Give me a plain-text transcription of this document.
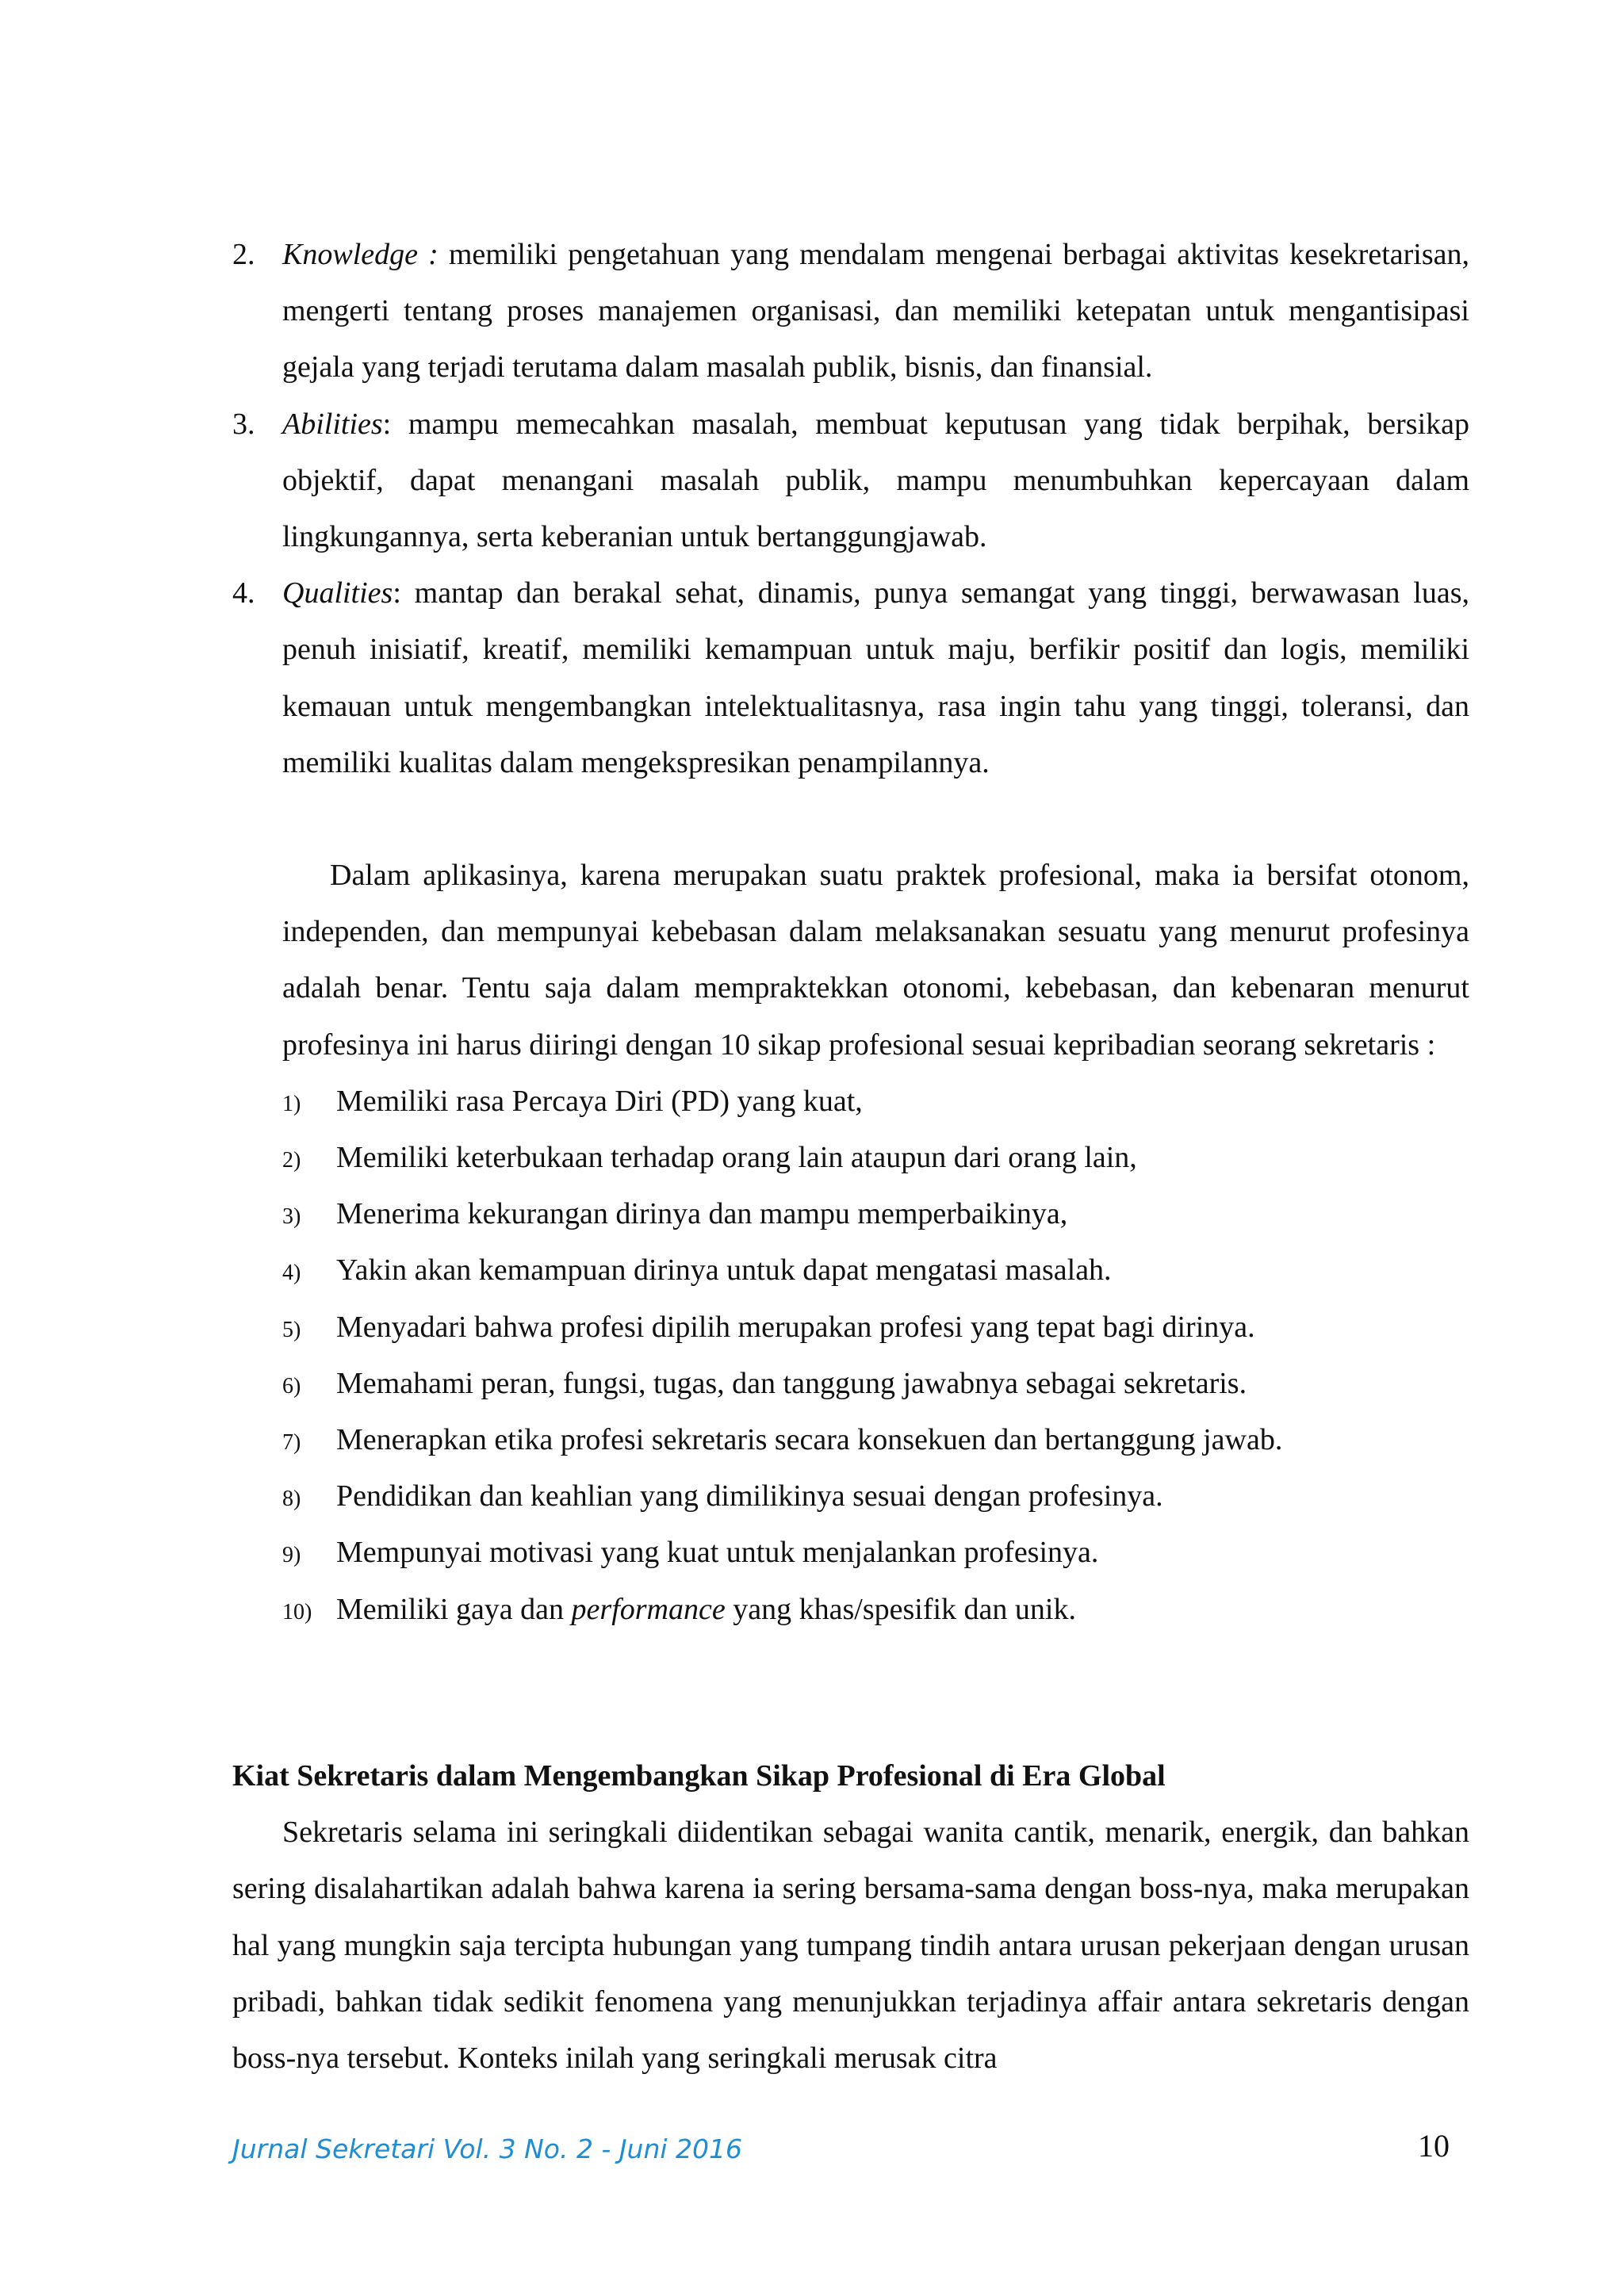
2. Knowledge : memiliki pengetahuan yang mendalam mengenai berbagai aktivitas kesekretarisan, mengerti tentang proses manajemen organisasi, dan memiliki ketepatan untuk mengantisipasi gejala yang terjadi terutama dalam masalah publik, bisnis, dan finansial.
3. Abilities: mampu memecahkan masalah, membuat keputusan yang tidak berpihak, bersikap objektif, dapat menangani masalah publik, mampu menumbuhkan kepercayaan dalam lingkungannya, serta keberanian untuk bertanggungjawab.
4. Qualities: mantap dan berakal sehat, dinamis, punya semangat yang tinggi, berwawasan luas, penuh inisiatif, kreatif, memiliki kemampuan untuk maju, berfikir positif dan logis, memiliki kemauan untuk mengembangkan intelektualitasnya, rasa ingin tahu yang tinggi, toleransi, dan memiliki kualitas dalam mengekspresikan penampilannya.

Dalam aplikasinya, karena merupakan suatu praktek profesional, maka ia bersifat otonom, independen, dan mempunyai kebebasan dalam melaksanakan sesuatu yang menurut profesinya adalah benar. Tentu saja dalam mempraktekkan otonomi, kebebasan, dan kebenaran menurut profesinya ini harus diiringi dengan 10 sikap profesional sesuai kepribadian seorang sekretaris :

1) Memiliki rasa Percaya Diri (PD) yang kuat,
2) Memiliki keterbukaan terhadap orang lain ataupun dari orang lain,
3) Menerima kekurangan dirinya dan mampu memperbaikinya,
4) Yakin akan kemampuan dirinya untuk dapat mengatasi masalah.
5) Menyadari bahwa profesi dipilih merupakan profesi yang tepat bagi dirinya.
6) Memahami peran, fungsi, tugas, dan tanggung jawabnya sebagai sekretaris.
7) Menerapkan etika profesi sekretaris secara konsekuen dan bertanggung jawab.
8) Pendidikan dan keahlian yang dimilikinya sesuai dengan profesinya.
9) Mempunyai motivasi yang kuat untuk menjalankan profesinya.
10) Memiliki gaya dan performance yang khas/spesifik dan unik.
Kiat Sekretaris dalam Mengembangkan Sikap Profesional di Era Global

Sekretaris selama ini seringkali diidentikan sebagai wanita cantik, menarik, energik, dan bahkan sering disalahartikan adalah bahwa karena ia sering bersama-sama dengan boss-nya, maka merupakan hal yang mungkin saja tercipta hubungan yang tumpang tindih antara urusan pekerjaan dengan urusan pribadi, bahkan tidak sedikit fenomena yang menunjukkan terjadinya affair antara sekretaris dengan boss-nya tersebut. Konteks inilah yang seringkali merusak citra

Jurnal Sekretari Vol. 3 No. 2 - Juni 2016	10
